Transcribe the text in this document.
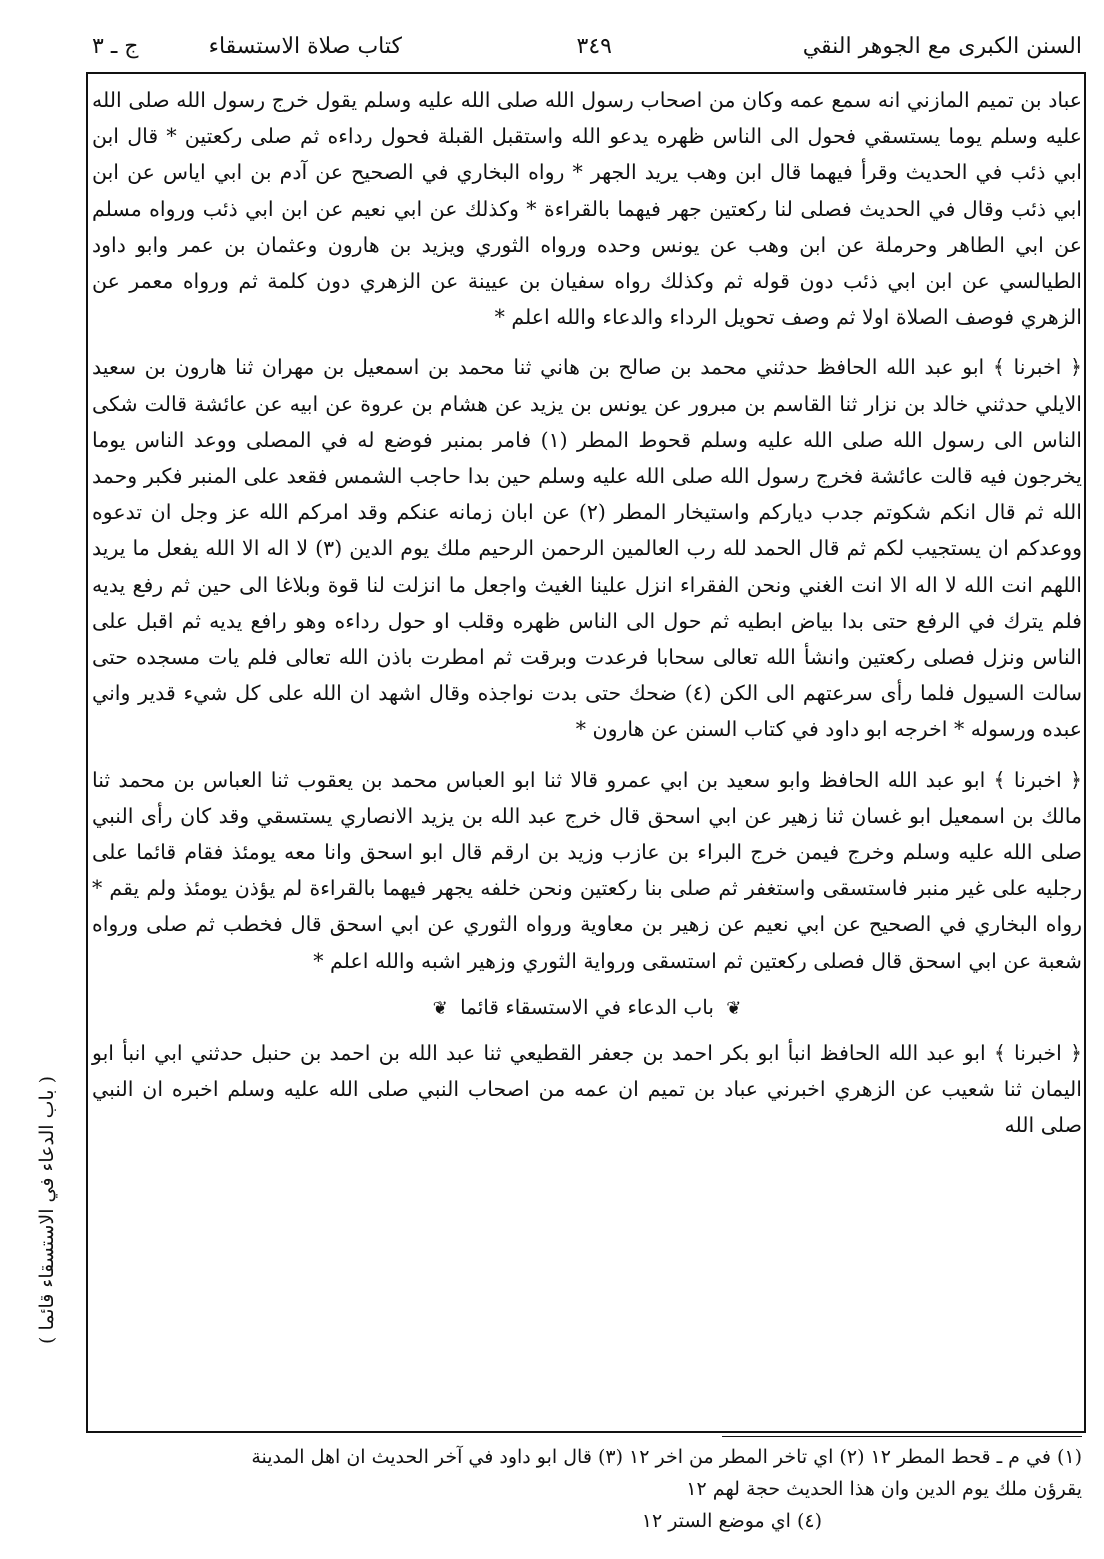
السنن الكبرى مع الجوهر النقي
٣٤٩
كتاب صلاة الاستسقاء
ج ـ ٣

عباد بن تميم المازني انه سمع عمه وكان من اصحاب رسول الله صلى الله عليه وسلم يقول خرج رسول الله صلى الله عليه وسلم يوما يستسقي فحول الى الناس ظهره يدعو الله واستقبل القبلة فحول رداءه ثم صلى ركعتين * قال ابن ابي ذئب في الحديث وقرأ فيهما قال ابن وهب يريد الجهر * رواه البخاري في الصحيح عن آدم بن ابي اياس عن ابن ابي ذئب وقال في الحديث فصلى لنا ركعتين جهر فيهما بالقراءة * وكذلك عن ابي نعيم عن ابن ابي ذئب ورواه مسلم عن ابي الطاهر وحرملة عن ابن وهب عن يونس وحده ورواه الثوري ويزيد بن هارون وعثمان بن عمر وابو داود الطيالسي عن ابن ابي ذئب دون قوله ثم وكذلك رواه سفيان بن عيينة عن الزهري دون كلمة ثم ورواه معمر عن الزهري فوصف الصلاة اولا ثم وصف تحويل الرداء والدعاء والله اعلم *

﴿ اخبرنا ﴾ ابو عبد الله الحافظ حدثني محمد بن صالح بن هاني ثنا محمد بن اسمعيل بن مهران ثنا هارون بن سعيد الايلي حدثني خالد بن نزار ثنا القاسم بن مبرور عن يونس بن يزيد عن هشام بن عروة عن ابيه عن عائشة قالت شكى الناس الى رسول الله صلى الله عليه وسلم قحوط المطر (١) فامر بمنبر فوضع له في المصلى ووعد الناس يوما يخرجون فيه قالت عائشة فخرج رسول الله صلى الله عليه وسلم حين بدا حاجب الشمس فقعد على المنبر فكبر وحمد الله ثم قال انكم شكوتم جدب دياركم واستيخار المطر (٢) عن ابان زمانه عنكم وقد امركم الله عز وجل ان تدعوه ووعدكم ان يستجيب لكم ثم قال الحمد لله رب العالمين الرحمن الرحيم ملك يوم الدين (٣) لا اله الا الله يفعل ما يريد اللهم انت الله لا اله الا انت الغني ونحن الفقراء انزل علينا الغيث واجعل ما انزلت لنا قوة وبلاغا الى حين ثم رفع يديه فلم يترك في الرفع حتى بدا بياض ابطيه ثم حول الى الناس ظهره وقلب او حول رداءه وهو رافع يديه ثم اقبل على الناس ونزل فصلى ركعتين وانشأ الله تعالى سحابا فرعدت وبرقت ثم امطرت باذن الله تعالى فلم يات مسجده حتى سالت السيول فلما رأى سرعتهم الى الكن (٤) ضحك حتى بدت نواجذه وقال اشهد ان الله على كل شيء قدير واني عبده ورسوله * اخرجه ابو داود في كتاب السنن عن هارون *

﴿ اخبرنا ﴾ ابو عبد الله الحافظ وابو سعيد بن ابي عمرو قالا ثنا ابو العباس محمد بن يعقوب ثنا العباس بن محمد ثنا مالك بن اسمعيل ابو غسان ثنا زهير عن ابي اسحق قال خرج عبد الله بن يزيد الانصاري يستسقي وقد كان رأى النبي صلى الله عليه وسلم وخرج فيمن خرج البراء بن عازب وزيد بن ارقم قال ابو اسحق وانا معه يومئذ فقام قائما على رجليه على غير منبر فاستسقى واستغفر ثم صلى بنا ركعتين ونحن خلفه يجهر فيهما بالقراءة لم يؤذن يومئذ ولم يقم * رواه البخاري في الصحيح عن ابي نعيم عن زهير بن معاوية ورواه الثوري عن ابي اسحق قال فخطب ثم صلى ورواه شعبة عن ابي اسحق قال فصلى ركعتين ثم استسقى ورواية الثوري وزهير اشبه والله اعلم *

❦ باب الدعاء في الاستسقاء قائما ❦

﴿ اخبرنا ﴾ ابو عبد الله الحافظ انبأ ابو بكر احمد بن جعفر القطيعي ثنا عبد الله بن احمد بن حنبل حدثني ابي انبأ ابو اليمان ثنا شعيب عن الزهري اخبرني عباد بن تميم ان عمه من اصحاب النبي صلى الله عليه وسلم اخبره ان النبي صلى الله

( باب الدعاء في الاستسقاء قائما )

(١) في م ـ قحط المطر ١٢ (٢) اي تاخر المطر من اخر ١٢ (٣) قال ابو داود في آخر الحديث ان اهل المدينة

يقرؤن ملك يوم الدين وان هذا الحديث حجة لهم ١٢

(٤) اي موضع الستر ١٢
